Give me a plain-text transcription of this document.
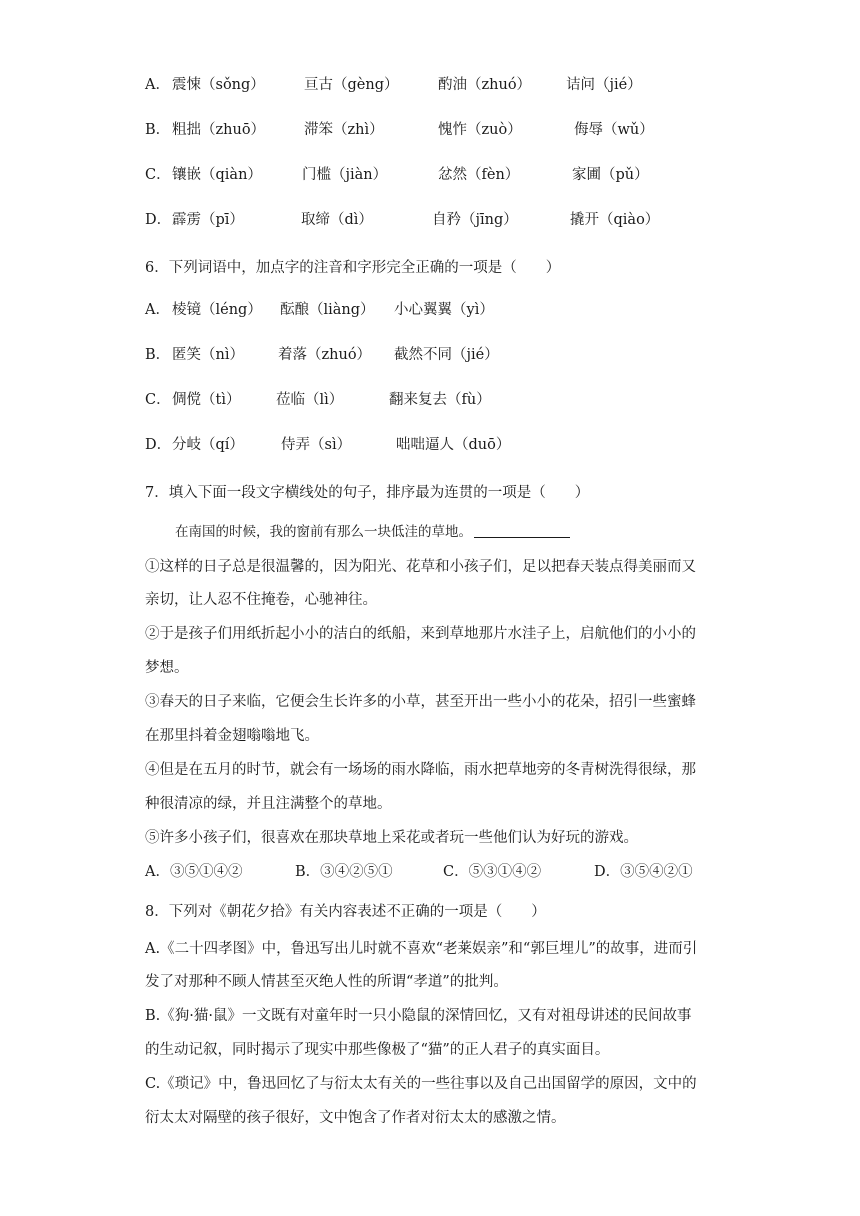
A． 震悚（sǒng）	亘古（gèng）	酌油（zhuó） 诘问（jié）
B． 粗拙（zhuō）	滞笨（zhì）	愧怍（zuò）	侮辱（wǔ）
C． 镶嵌（qiàn）	门槛（jiàn）	忿然（fèn）	家圃（pǔ）
D． 霹雳（pī）	取缔（dì）	自矜（jīng）	撬开（qiào）
6．下列词语中，加点字的注音和字形完全正确的一项是（　　）
A． 棱镜（léng） 酝酿（liàng） 小心翼翼（yì）
B． 匿笑（nì） 着落（zhuó） 截然不同（jié）
C． 倜傥（tì） 莅临（lì）	翻来复去（fù）
D． 分岐（qí）	侍弄（sì）	咄咄逼人（duō）
7．填入下面一段文字横线处的句子，排序最为连贯的一项是（　　）
在南国的时候，我的窗前有那么一块低洼的草地。
①这样的日子总是很温馨的，因为阳光、花草和小孩子们，足以把春天装点得美丽而又
亲切，让人忍不住掩卷，心驰神往。
②于是孩子们用纸折起小小的洁白的纸船，来到草地那片水洼子上，启航他们的小小的
梦想。
③春天的日子来临，它便会生长许多的小草，甚至开出一些小小的花朵，招引一些蜜蜂
在那里抖着金翅嗡嗡地飞。
④但是在五月的时节，就会有一场场的雨水降临，雨水把草地旁的冬青树洗得很绿，那
种很清凉的绿，并且注满整个的草地。
⑤许多小孩子们，很喜欢在那块草地上采花或者玩一些他们认为好玩的游戏。
A．③⑤①④②	B．③④②⑤①	C．⑤③①④②	D．③⑤④②①
8．下列对《朝花夕拾》有关内容表述不正确的一项是（　　）
A.《二十四孝图》中，鲁迅写出儿时就不喜欢“老莱娱亲”和“郭巨埋儿”的故事，进而引
发了对那种不顾人情甚至灭绝人性的所谓“孝道”的批判。
B.《狗·猫·鼠》一文既有对童年时一只小隐鼠的深情回忆，又有对祖母讲述的民间故事
的生动记叙，同时揭示了现实中那些像极了“猫”的正人君子的真实面目。
C.《琐记》中，鲁迅回忆了与衍太太有关的一些往事以及自己出国留学的原因，文中的
衍太太对隔壁的孩子很好，文中饱含了作者对衍太太的感激之情。
